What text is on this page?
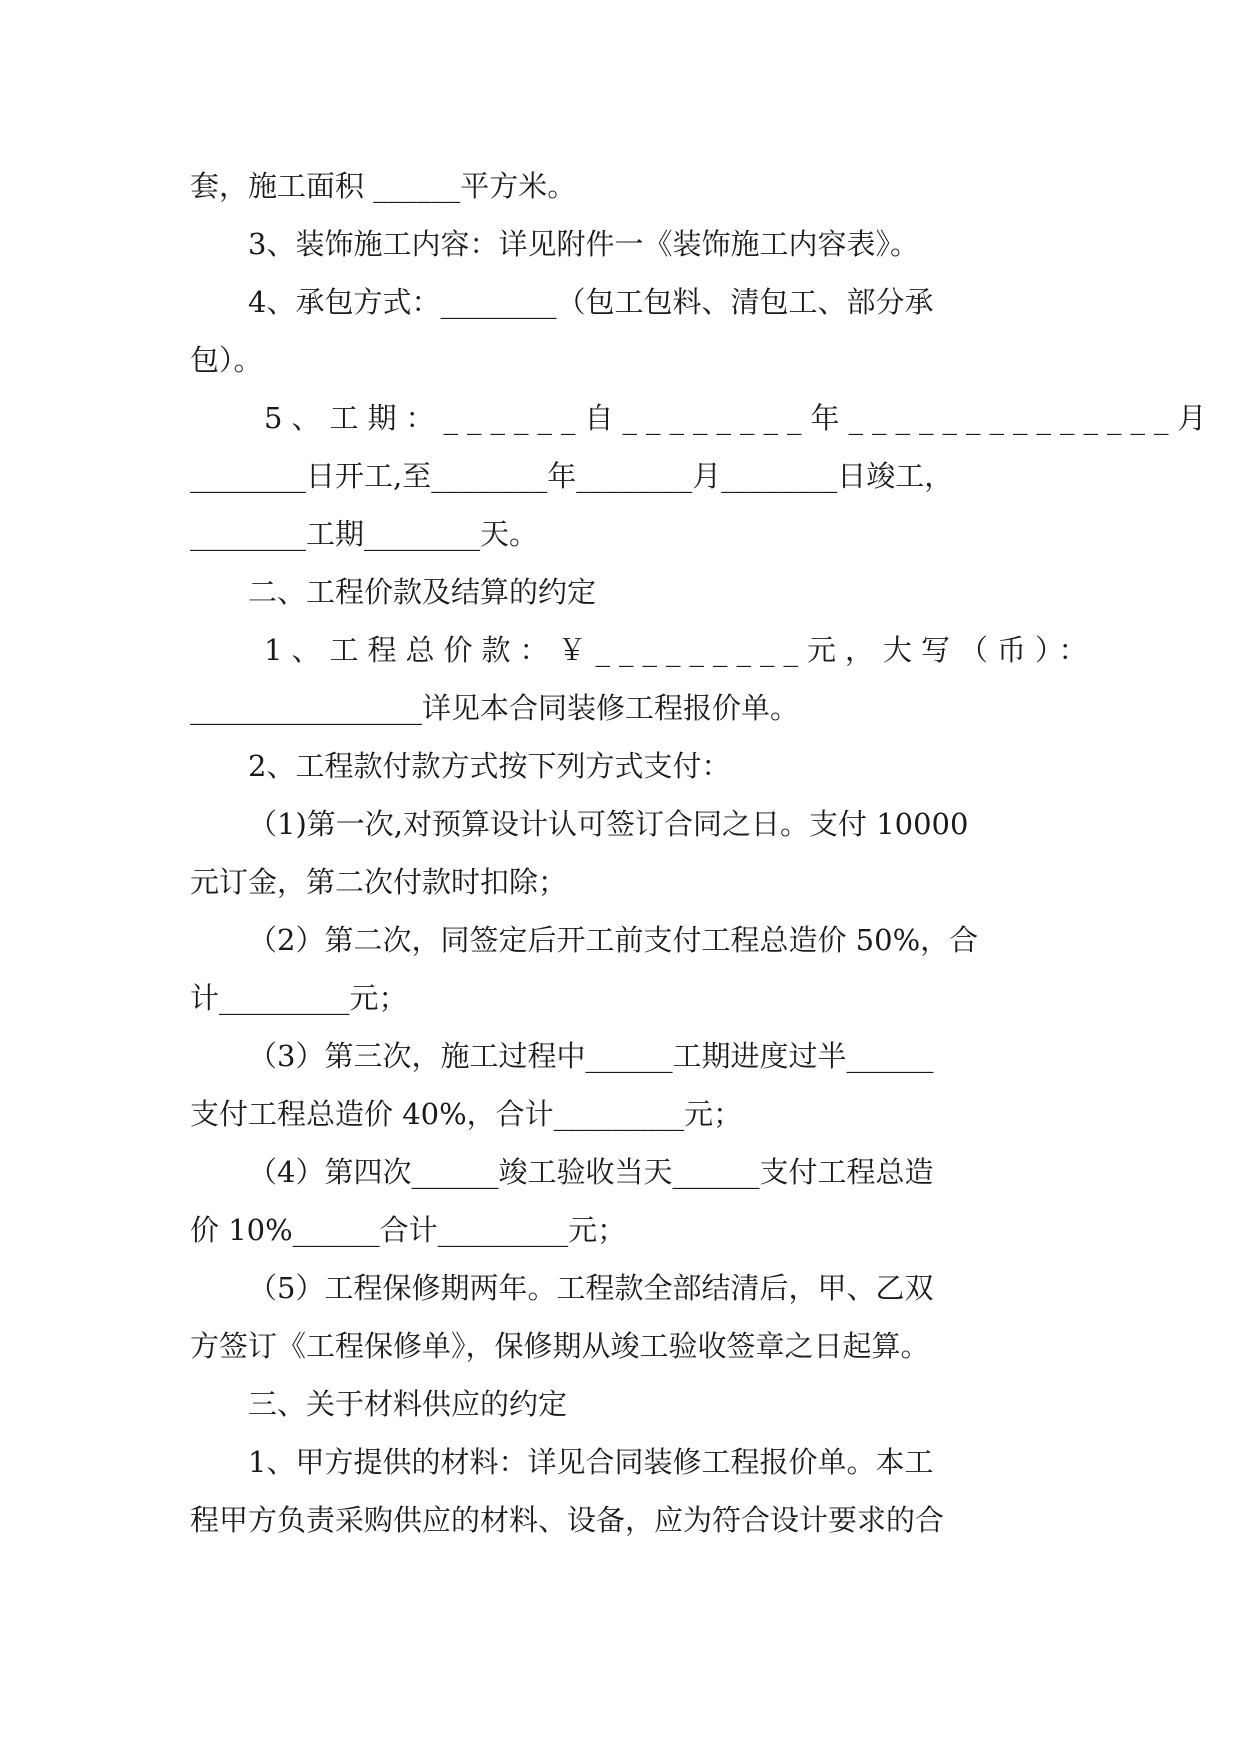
套，施工面积 ______平方米。
3、装饰施工内容：详见附件一《装饰施工内容表》。
4、承包方式：________（包工包料、清包工、部分承
包）。
5、工期：______自________年______________月
________日开工,至________年________月________日竣工，
________工期________天。
二、工程价款及结算的约定
1、工程总价款：￥_________元，大写（币）：
________________详见本合同装修工程报价单。
2、工程款付款方式按下列方式支付：
（1)第一次,对预算设计认可签订合同之日。支付 10000
元订金，第二次付款时扣除；
（2）第二次，同签定后开工前支付工程总造价 50%，合
计_________元；
（3）第三次，施工过程中______工期进度过半______
支付工程总造价 40%，合计_________元；
（4）第四次______竣工验收当天______支付工程总造
价 10%______合计_________元；
（5）工程保修期两年。工程款全部结清后，甲、乙双
方签订《工程保修单》，保修期从竣工验收签章之日起算。
三、关于材料供应的约定
1、甲方提供的材料：详见合同装修工程报价单。本工
程甲方负责采购供应的材料、设备，应为符合设计要求的合
